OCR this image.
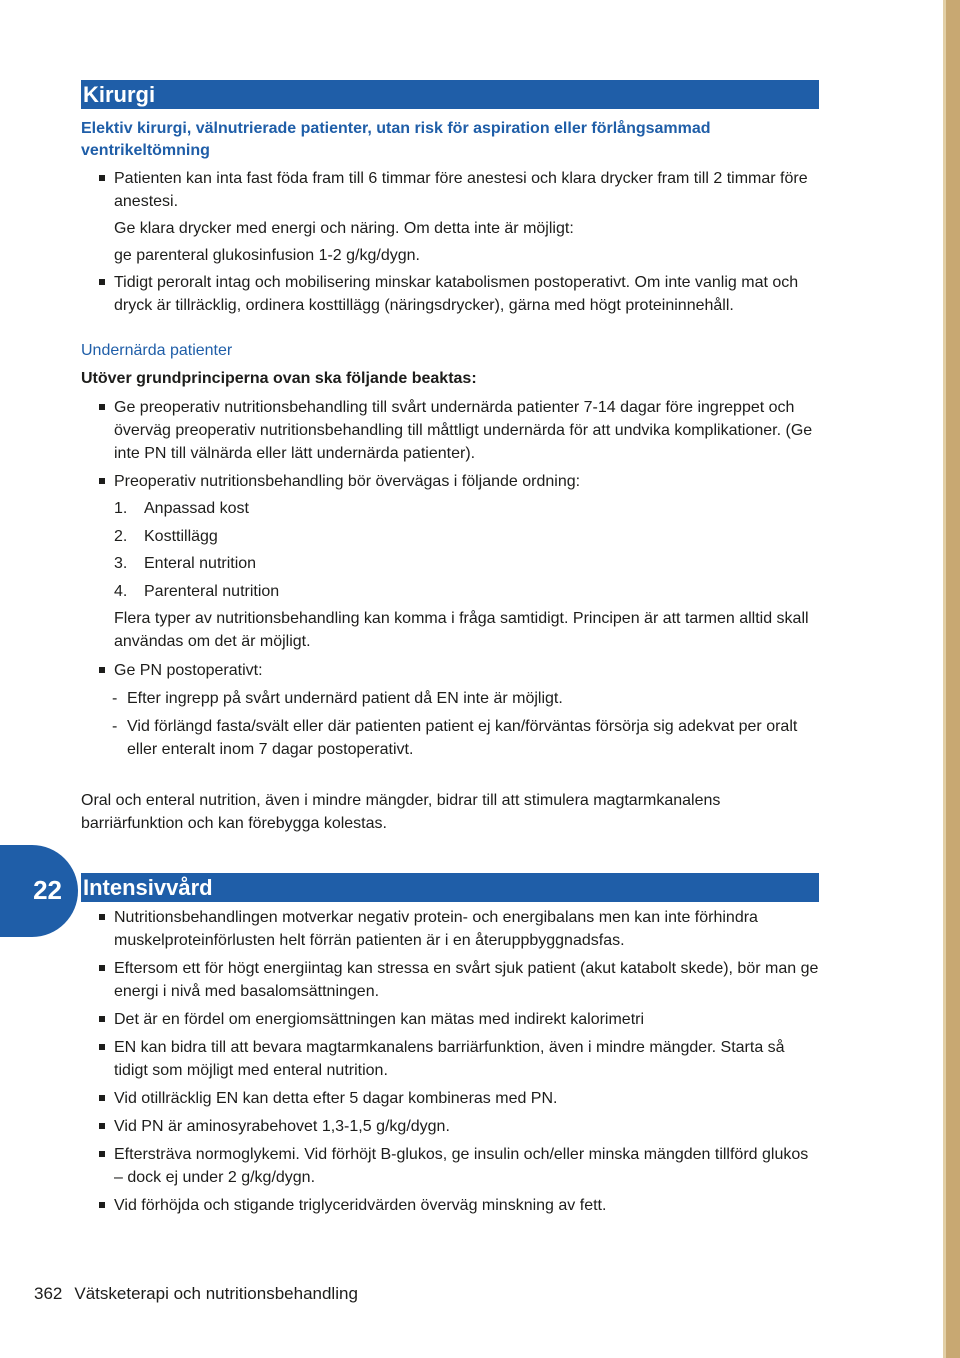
22
Kirurgi
Elektiv kirurgi, välnutrierade patienter, utan risk för aspiration eller förlångsammad ventrikeltömning
Patienten kan inta fast föda fram till 6 timmar före anestesi och klara drycker fram till 2 timmar före anestesi.
Ge klara drycker med energi och näring. Om detta inte är möjligt:
ge parenteral glukosinfusion 1-2 g/kg/dygn.
Tidigt peroralt intag och mobilisering minskar katabolismen postoperativt. Om inte vanlig mat och dryck är tillräcklig, ordinera kosttillägg (näringsdrycker), gärna med högt proteininnehåll.
Undernärda patienter
Utöver grundprinciperna ovan ska följande beaktas:
Ge preoperativ nutritionsbehandling till svårt undernärda patienter 7-14 dagar före ingreppet och överväg preoperativ nutritionsbehandling till måttligt undernärda för att undvika komplikationer. (Ge inte PN till välnärda eller lätt undernärda patienter).
Preoperativ nutritionsbehandling bör övervägas i följande ordning:
1. Anpassad kost
2. Kosttillägg
3. Enteral nutrition
4. Parenteral nutrition
Flera typer av nutritionsbehandling kan komma i fråga samtidigt. Principen är att tarmen alltid skall användas om det är möjligt.
Ge PN postoperativt:
- Efter ingrepp på svårt undernärd patient då EN inte är möjligt.
- Vid förlängd fasta/svält eller där patienten patient ej kan/förväntas försörja sig adekvat per oralt eller enteralt inom 7 dagar postoperativt.
Oral och enteral nutrition, även i mindre mängder, bidrar till att stimulera magtarmkanalens barriärfunktion och kan förebygga kolestas.
Intensivvård
Nutritionsbehandlingen motverkar negativ protein- och energibalans men kan inte förhindra muskelproteinförlusten helt förrän patienten är i en återuppbyggnadsfas.
Eftersom ett för högt energiintag kan stressa en svårt sjuk patient (akut katabolt skede), bör man ge energi i nivå med basalomsättningen.
Det är en fördel om energiomsättningen kan mätas med indirekt kalorimetri
EN kan bidra till att bevara magtarmkanalens barriärfunktion, även i mindre mängder. Starta så tidigt som möjligt med enteral nutrition.
Vid otillräcklig EN kan detta efter 5 dagar kombineras med PN.
Vid PN är aminosyrabehovet 1,3-1,5 g/kg/dygn.
Eftersträva normoglykemi. Vid förhöjt B-glukos, ge insulin och/eller minska mängden tillförd glukos – dock ej under 2 g/kg/dygn.
Vid förhöjda och stigande triglyceridvärden överväg minskning av fett.
362 Vätsketerapi och nutritionsbehandling
